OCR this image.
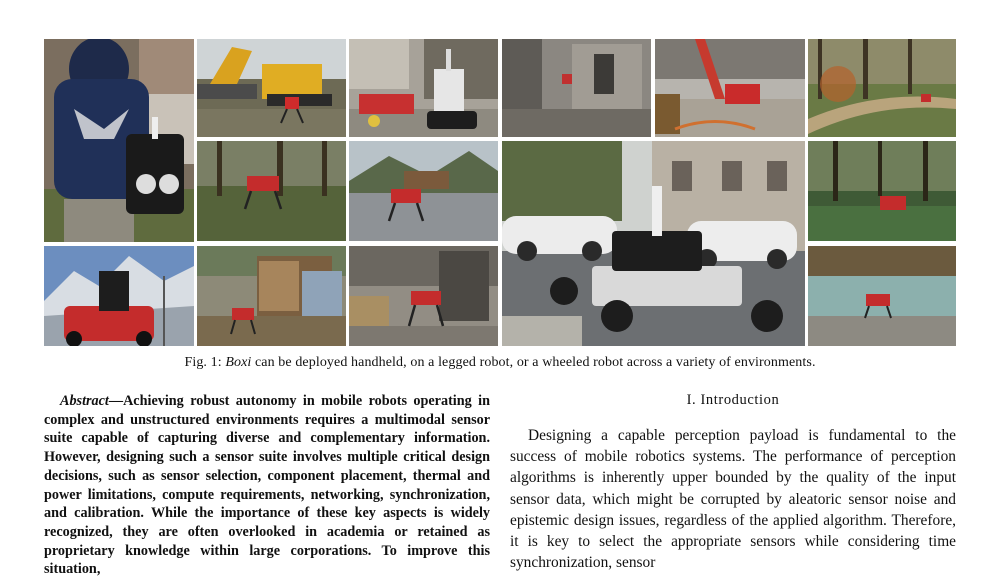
Fig. 1: Boxi can be deployed handheld, on a legged robot, or a wheeled robot across a variety of environments.
Abstract—Achieving robust autonomy in mobile robots operating in complex and unstructured environments requires a multimodal sensor suite capable of capturing diverse and complementary information. However, designing such a sensor suite involves multiple critical design decisions, such as sensor selection, component placement, thermal and power limitations, compute requirements, networking, synchronization, and calibration. While the importance of these key aspects is widely recognized, they are often overlooked in academia or retained as proprietary knowledge within large corporations. To improve this situation,
I. Introduction

Designing a capable perception payload is fundamental to the success of mobile robotics systems. The performance of perception algorithms is inherently upper bounded by the quality of the input sensor data, which might be corrupted by aleatoric sensor noise and epistemic design issues, regardless of the applied algorithm. Therefore, it is key to select the appropriate sensors while considering time synchronization, sensor
